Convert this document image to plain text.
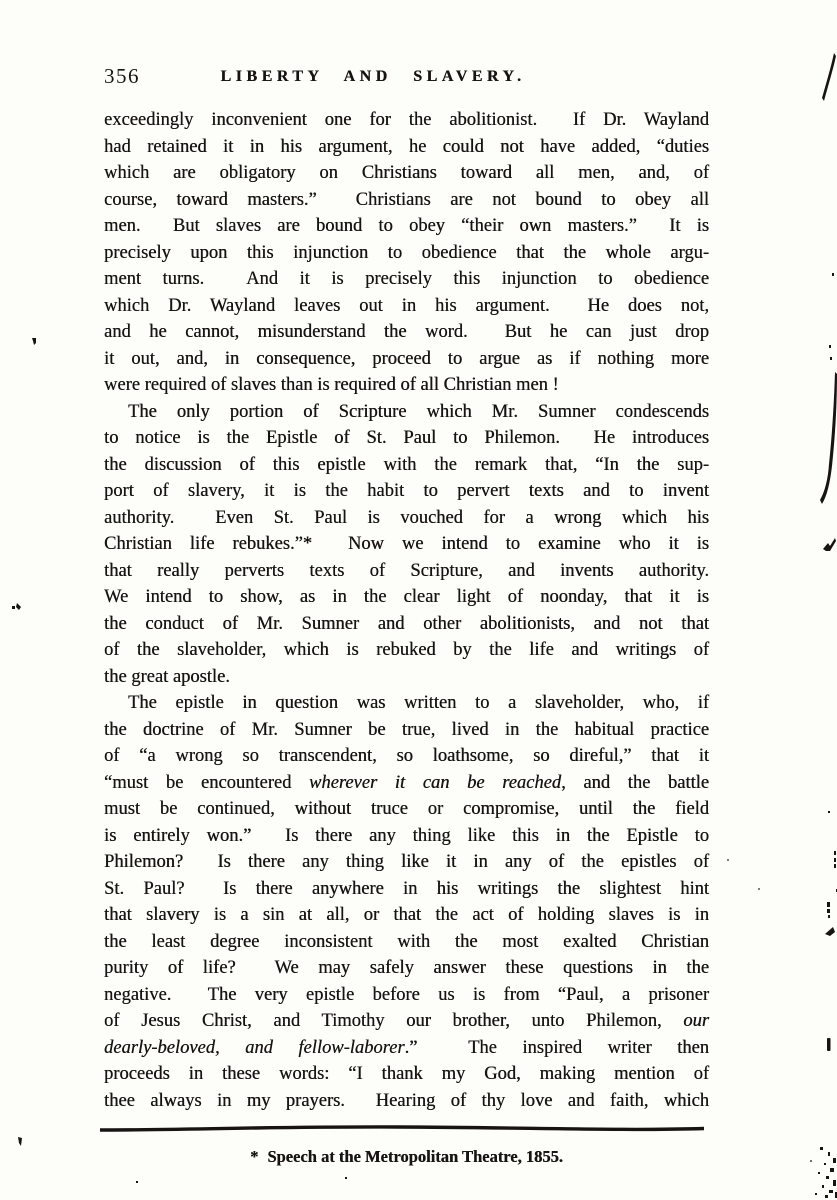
356	LIBERTY AND SLAVERY.
exceedingly inconvenient one for the abolitionist.  If Dr. Wayland
had retained it in his argument, he could not have added, “duties
which are obligatory on Christians toward all men, and, of
course, toward masters.”  Christians are not bound to obey all
men.  But slaves are bound to obey “their own masters.”  It is
precisely upon this injunction to obedience that the whole argu-
ment turns.  And it is precisely this injunction to obedience
which Dr. Wayland leaves out in his argument.  He does not,
and he cannot, misunderstand the word.  But he can just drop
it out, and, in consequence, proceed to argue as if nothing more
were required of slaves than is required of all Christian men !
The only portion of Scripture which Mr. Sumner condescends
to notice is the Epistle of St. Paul to Philemon.  He introduces
the discussion of this epistle with the remark that, “In the sup-
port of slavery, it is the habit to pervert texts and to invent
authority.  Even St. Paul is vouched for a wrong which his
Christian life rebukes.”*  Now we intend to examine who it is
that really perverts texts of Scripture, and invents authority.
We intend to show, as in the clear light of noonday, that it is
the conduct of Mr. Sumner and other abolitionists, and not that
of the slaveholder, which is rebuked by the life and writings of
the great apostle.
The epistle in question was written to a slaveholder, who, if
the doctrine of Mr. Sumner be true, lived in the habitual practice
of “a wrong so transcendent, so loathsome, so direful,” that it
“must be encountered wherever it can be reached, and the battle
must be continued, without truce or compromise, until the field
is entirely won.”  Is there any thing like this in the Epistle to
Philemon?  Is there any thing like it in any of the epistles of
St. Paul?  Is there anywhere in his writings the slightest hint
that slavery is a sin at all, or that the act of holding slaves is in
the least degree inconsistent with the most exalted Christian
purity of life?  We may safely answer these questions in the
negative.  The very epistle before us is from “Paul, a prisoner
of Jesus Christ, and Timothy our brother, unto Philemon, our
dearly-beloved, and fellow-laborer.”  The inspired writer then
proceeds in these words: “I thank my God, making mention of
thee always in my prayers.  Hearing of thy love and faith, which
* Speech at the Metropolitan Theatre, 1855.
